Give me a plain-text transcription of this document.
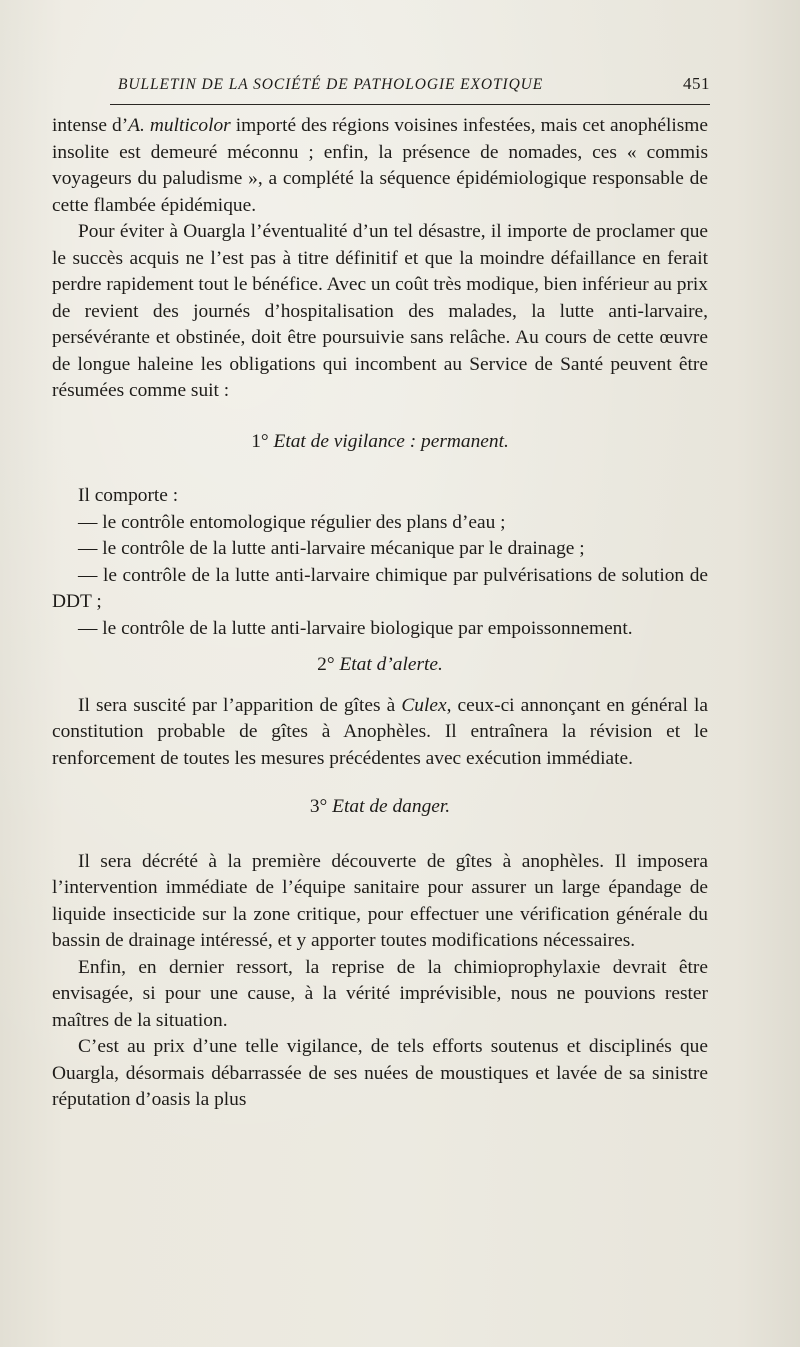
BULLETIN DE LA SOCIÉTÉ DE PATHOLOGIE EXOTIQUE	451

intense d’A. multicolor importé des régions voisines infestées, mais cet anophélisme insolite est demeuré méconnu ; enfin, la présence de nomades, ces « commis voyageurs du paludisme », a complété la séquence épidémiologique responsable de cette flambée épidémique.

Pour éviter à Ouargla l’éventualité d’un tel désastre, il importe de proclamer que le succès acquis ne l’est pas à titre définitif et que la moindre défaillance en ferait perdre rapidement tout le bénéfice. Avec un coût très modique, bien inférieur au prix de revient des journés d’hospitalisation des malades, la lutte anti-larvaire, persévérante et obstinée, doit être poursuivie sans relâche. Au cours de cette œuvre de longue haleine les obligations qui incombent au Service de Santé peuvent être résumées comme suit :

1° Etat de vigilance : permanent.

Il comporte :

— le contrôle entomologique régulier des plans d’eau ;

— le contrôle de la lutte anti-larvaire mécanique par le drainage ;

— le contrôle de la lutte anti-larvaire chimique par pulvérisations de solution de DDT ;

— le contrôle de la lutte anti-larvaire biologique par empoissonnement.

2° Etat d’alerte.

Il sera suscité par l’apparition de gîtes à Culex, ceux-ci annonçant en général la constitution probable de gîtes à Anophèles. Il entraînera la révision et le renforcement de toutes les mesures précédentes avec exécution immédiate.

3° Etat de danger.

Il sera décrété à la première découverte de gîtes à anophèles. Il imposera l’intervention immédiate de l’équipe sanitaire pour assurer un large épandage de liquide insecticide sur la zone critique, pour effectuer une vérification générale du bassin de drainage intéressé, et y apporter toutes modifications nécessaires.

Enfin, en dernier ressort, la reprise de la chimioprophylaxie devrait être envisagée, si pour une cause, à la vérité imprévisible, nous ne pouvions rester maîtres de la situation.

C’est au prix d’une telle vigilance, de tels efforts soutenus et disciplinés que Ouargla, désormais débarrassée de ses nuées de moustiques et lavée de sa sinistre réputation d’oasis la plus
